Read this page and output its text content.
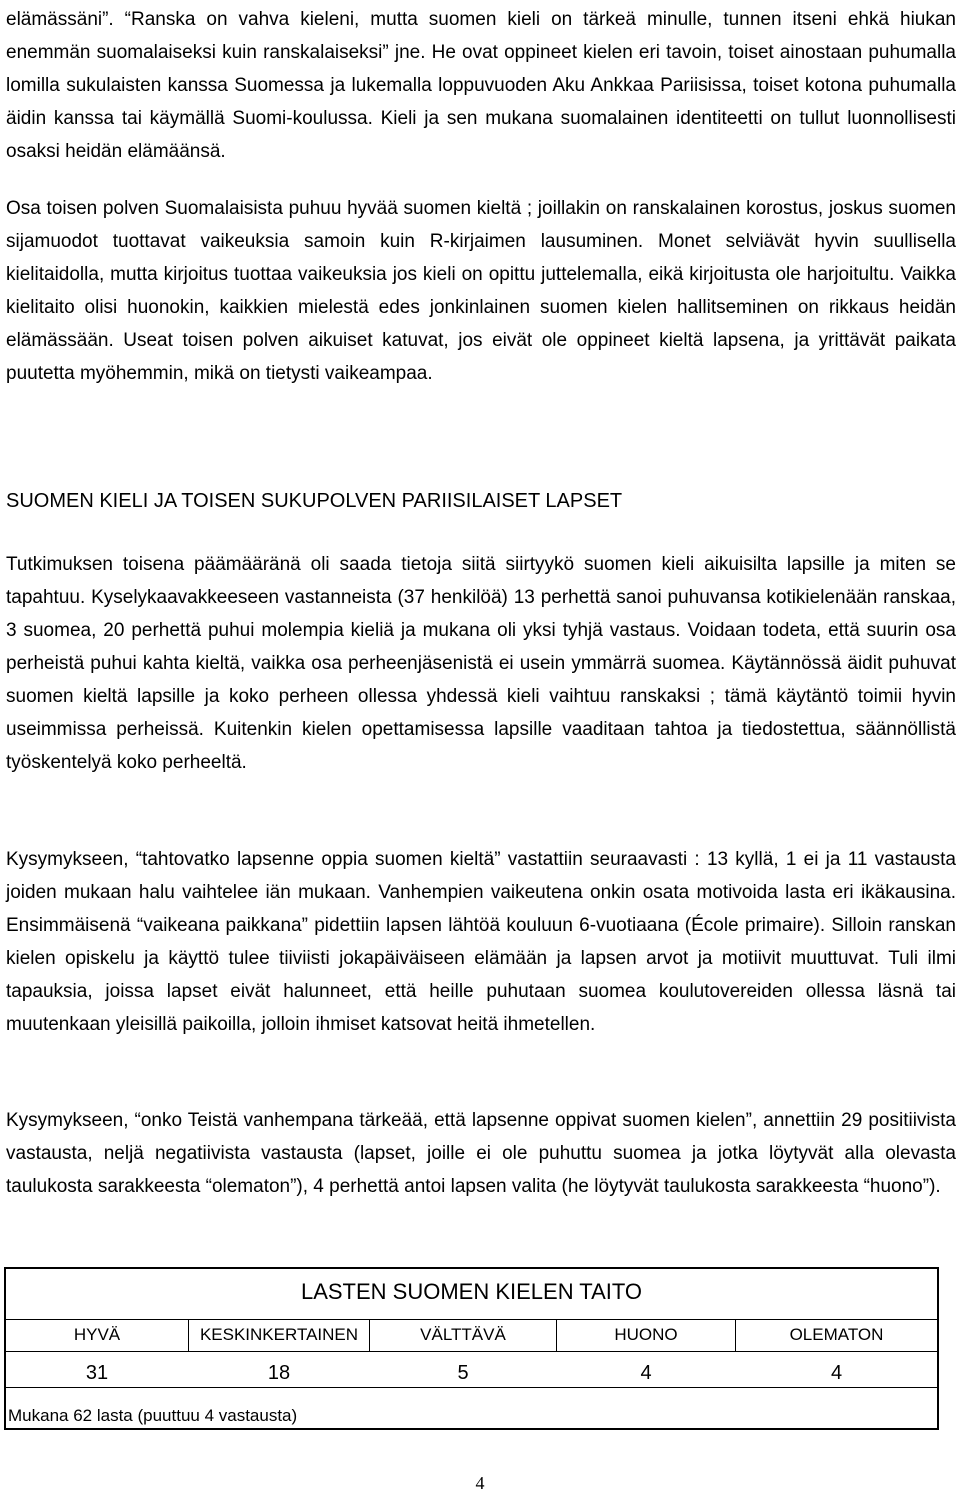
elämässäni”. “Ranska on vahva kieleni, mutta suomen kieli on tärkeä minulle, tunnen itseni ehkä hiukan enemmän suomalaiseksi kuin ranskalaiseksi” jne. He ovat oppineet kielen eri tavoin, toiset ainostaan puhumalla lomilla sukulaisten kanssa Suomessa ja lukemalla loppuvuoden Aku Ankkaa Pariisissa, toiset kotona puhumalla äidin kanssa tai käymällä Suomi-koulussa. Kieli ja sen mukana suomalainen identiteetti on tullut luonnollisesti osaksi heidän elämäänsä.

Osa toisen polven Suomalaisista puhuu hyvää suomen kieltä ; joillakin on ranskalainen korostus, joskus suomen sijamuodot tuottavat vaikeuksia samoin kuin R-kirjaimen lausuminen. Monet selviävät hyvin suullisella kielitaidolla, mutta kirjoitus tuottaa vaikeuksia jos kieli on opittu juttelemalla, eikä kirjoitusta ole harjoitultu. Vaikka kielitaito olisi huonokin, kaikkien mielestä edes jonkinlainen suomen kielen hallitseminen on rikkaus heidän elämässään. Useat toisen polven aikuiset katuvat, jos eivät ole oppineet kieltä lapsena, ja yrittävät paikata puutetta myöhemmin, mikä on tietysti vaikeampaa.

SUOMEN KIELI JA TOISEN SUKUPOLVEN PARIISILAISET LAPSET

Tutkimuksen toisena päämääränä oli saada tietoja siitä siirtyykö suomen kieli aikuisilta lapsille ja miten se tapahtuu. Kyselykaavakkeeseen vastanneista (37 henkilöä) 13 perhettä sanoi puhuvansa kotikielenään ranskaa, 3 suomea, 20 perhettä puhui molempia kieliä ja mukana oli yksi tyhjä vastaus. Voidaan todeta, että suurin osa perheistä puhui kahta kieltä, vaikka osa perheenjäsenistä ei usein ymmärrä suomea. Käytännössä äidit puhuvat suomen kieltä lapsille ja koko perheen ollessa yhdessä kieli vaihtuu ranskaksi ; tämä käytäntö toimii hyvin useimmissa perheissä. Kuitenkin kielen opettamisessa lapsille vaaditaan tahtoa ja tiedostettua, säännöllistä työskentelyä koko perheeltä.

Kysymykseen, “tahtovatko lapsenne oppia suomen kieltä” vastattiin seuraavasti : 13 kyllä, 1 ei ja 11 vastausta joiden mukaan halu vaihtelee iän mukaan. Vanhempien vaikeutena onkin osata motivoida lasta eri ikäkausina. Ensimmäisenä “vaikeana paikkana” pidettiin lapsen lähtöä kouluun 6-vuotiaana (École primaire). Silloin ranskan kielen opiskelu ja käyttö tulee tiiviisti jokapäiväiseen elämään ja lapsen arvot ja motiivit muuttuvat. Tuli ilmi tapauksia, joissa lapset eivät halunneet, että heille puhutaan suomea koulutovereiden ollessa läsnä tai muutenkaan yleisillä paikoilla, jolloin ihmiset katsovat heitä ihmetellen.

Kysymykseen, “onko Teistä vanhempana tärkeää, että lapsenne oppivat suomen kielen”, annettiin 29 positiivista vastausta, neljä negatiivista vastausta (lapset, joille ei ole puhuttu suomea ja jotka löytyvät alla olevasta taulukosta sarakkeesta “olematon”), 4 perhettä antoi lapsen valita (he löytyvät taulukosta sarakkeesta “huono”).

LASTEN SUOMEN KIELEN TAITO
HYVÄ
31
KESKINKERTAINEN
18
VÄLTTÄVÄ
5
HUONO
4
OLEMATON
4
Mukana 62 lasta (puuttuu 4 vastausta)
4
